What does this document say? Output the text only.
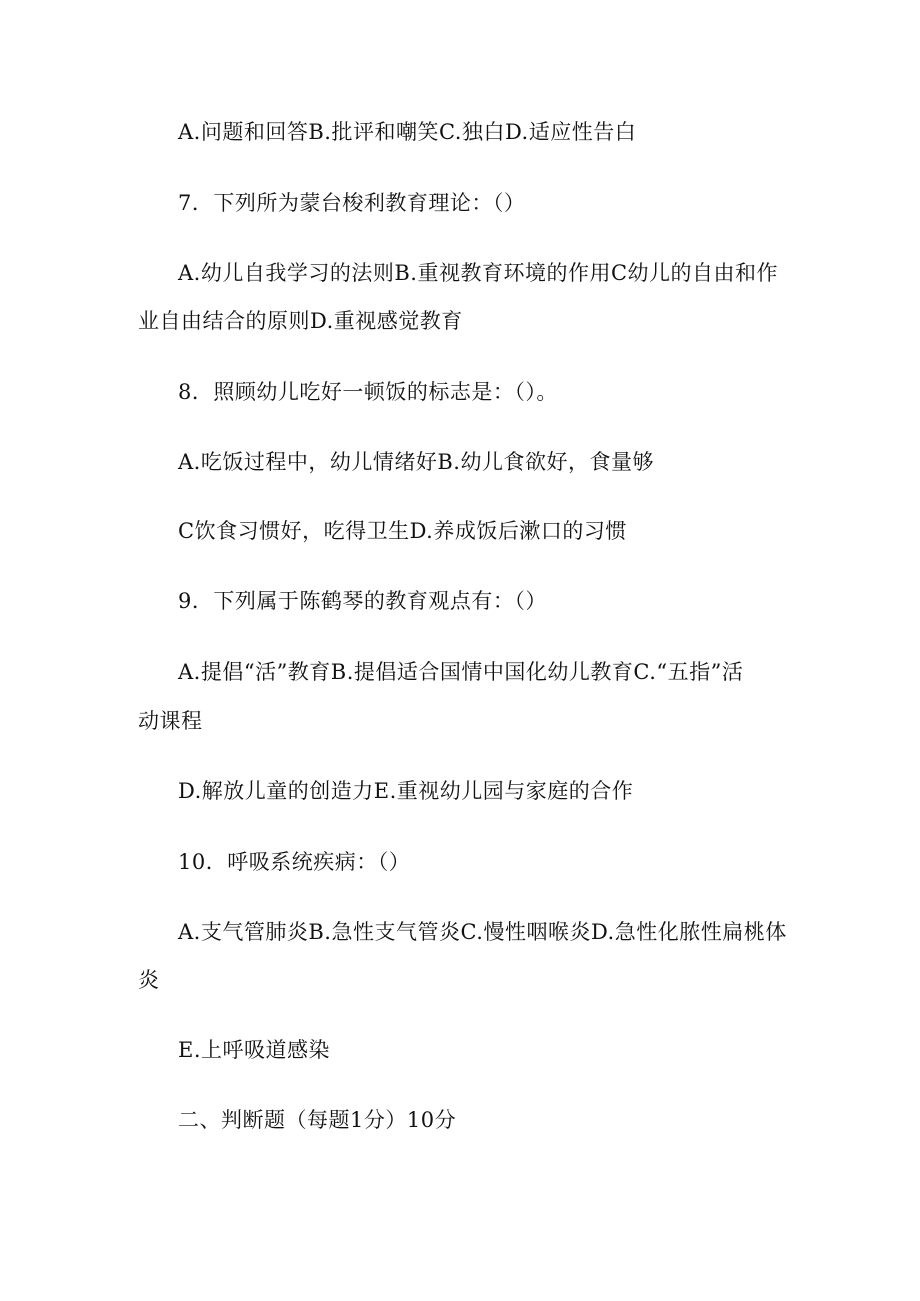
A.问题和回答B.批评和嘲笑C.独白D.适应性告白
7．下列所为蒙台梭利教育理论：（）
A.幼儿自我学习的法则B.重视教育环境的作用C幼儿的自由和作
业自由结合的原则D.重视感觉教育
8．照顾幼儿吃好一顿饭的标志是：（）。
A.吃饭过程中，幼儿情绪好B.幼儿食欲好，食量够
C饮食习惯好，吃得卫生D.养成饭后漱口的习惯
9．下列属于陈鹤琴的教育观点有：（）
A.提倡“活”教育B.提倡适合国情中国化幼儿教育C.“五指”活
动课程
D.解放儿童的创造力E.重视幼儿园与家庭的合作
10．呼吸系统疾病：（）
A.支气管肺炎B.急性支气管炎C.慢性咽喉炎D.急性化脓性扁桃体
炎
E.上呼吸道感染
二、判断题（每题1分）10分
